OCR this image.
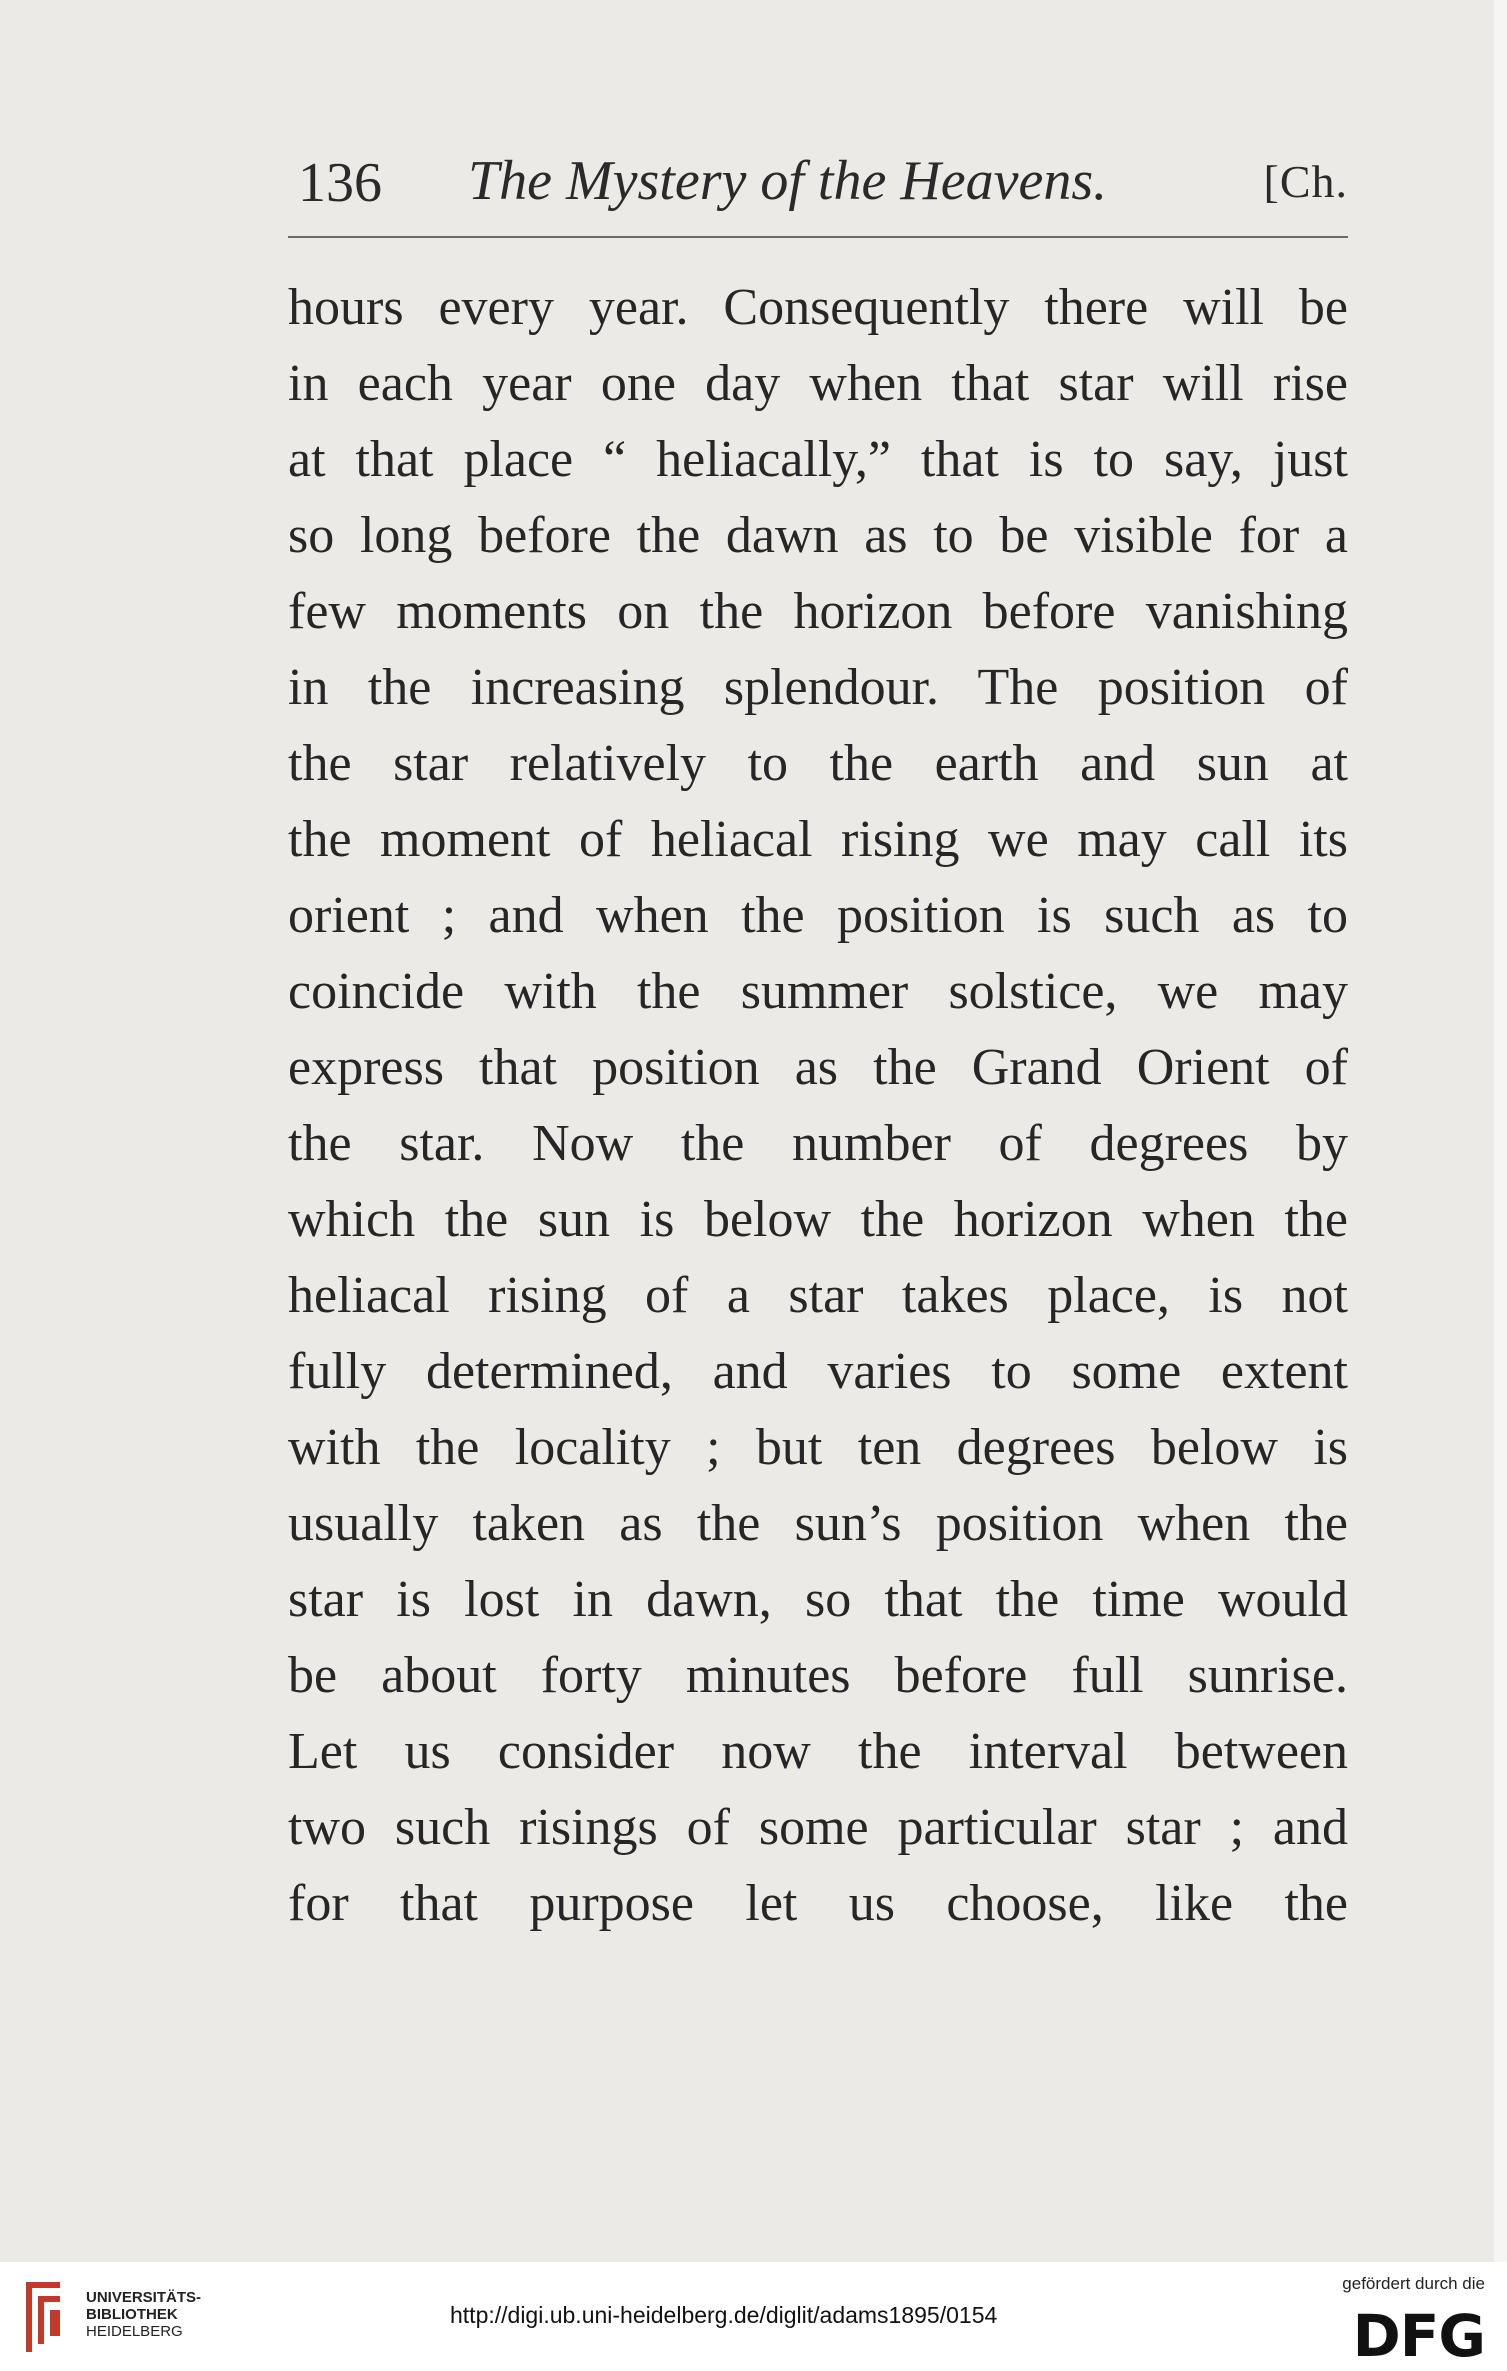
136 The Mystery of the Heavens.	[Ch.
hours every year. Consequently there will be
in each year one day when that star will rise
at that place “ heliacally,” that is to say, just
so long before the dawn as to be visible for a
few moments on the horizon before vanishing
in the increasing splendour. The position of
the star relatively to the earth and sun at
the moment of heliacal rising we may call its
orient ; and when the position is such as to
coincide with the summer solstice, we may
express that position as the Grand Orient of
the star. Now the number of degrees by
which the sun is below the horizon when the
heliacal rising of a star takes place, is not
fully determined, and varies to some extent
with the locality ; but ten degrees below is
usually taken as the sun’s position when the
star is lost in dawn, so that the time would
be about forty minutes before full sunrise.
Let us consider now the interval between
two such risings of some particular star ; and
for that purpose let us choose, like the
UNIVERSITÄTS-
BIBLIOTHEK
HEIDELBERG
http://digi.ub.uni-heidelberg.de/diglit/adams1895/0154
gefördert durch die
DFG
